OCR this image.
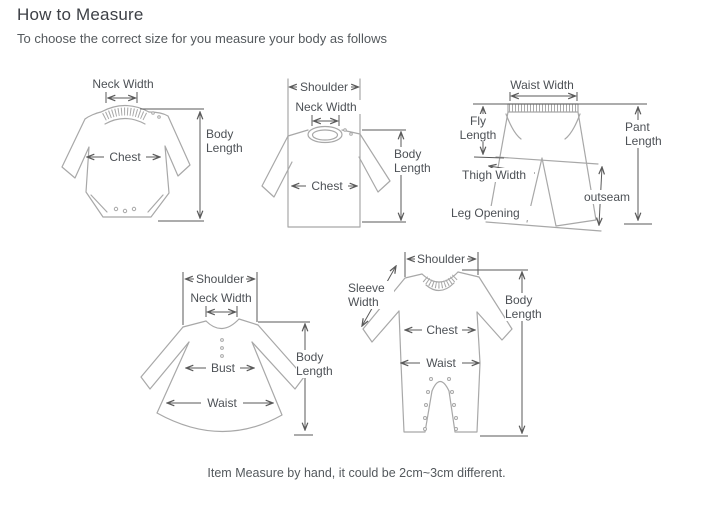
How to Measure

To choose the correct size for you measure your body as follows

Neck Width
Chest
Body Length
Shoulder
Neck Width
Chest
Body Length
Waist Width
Fly Length
Pant Length
Thigh Width
outseam
Leg Opening
Shoulder
Neck Width
Bust
Waist
Body Length
Shoulder
Sleeve Width
Chest
Waist
Body Length

Item Measure by hand, it could be 2cm~3cm different.
